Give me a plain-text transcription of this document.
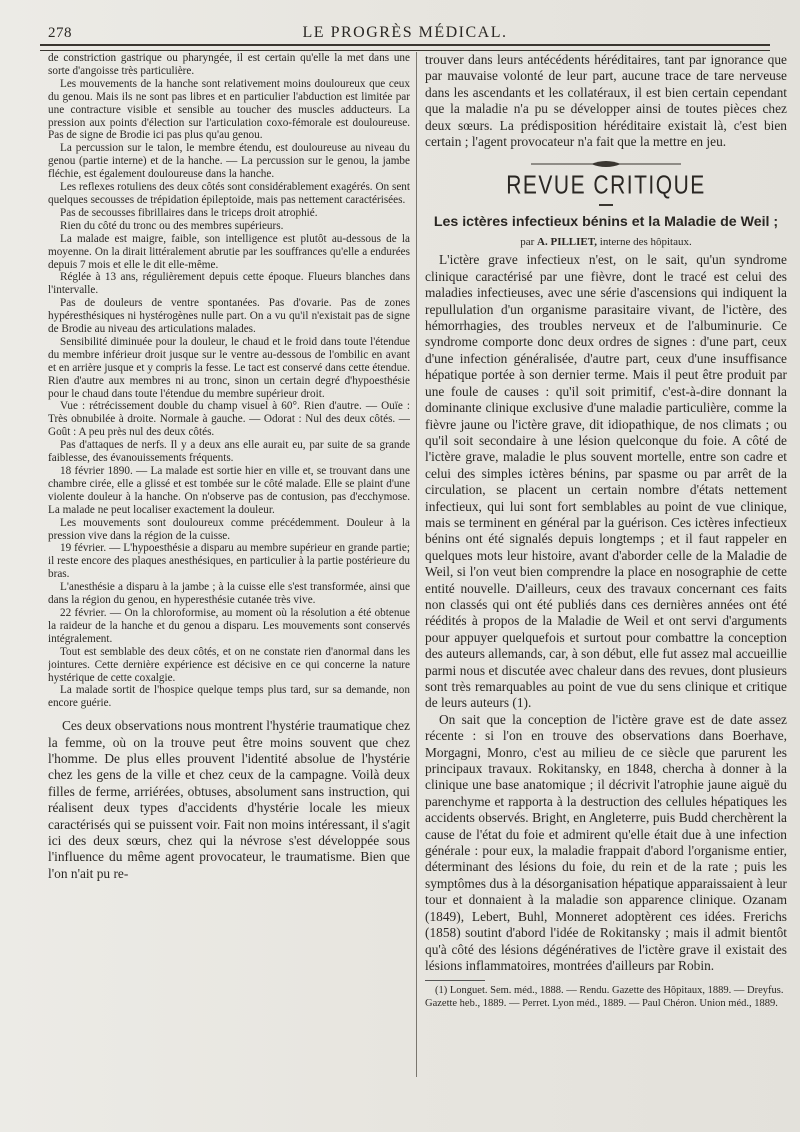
278	LE PROGRÈS MÉDICAL.

de constriction gastrique ou pharyngée, il est certain qu'elle la met dans une sorte d'angoisse très particulière.

Les mouvements de la hanche sont relativement moins douloureux que ceux du genou. Mais ils ne sont pas libres et en particulier l'abduction est limitée par une contracture visible et sensible au toucher des muscles adducteurs. La pression aux points d'élection sur l'articulation coxo-fémorale est douloureuse. Pas de signe de Brodie ici pas plus qu'au genou.

La percussion sur le talon, le membre étendu, est douloureuse au niveau du genou (partie interne) et de la hanche. — La percussion sur le genou, la jambe fléchie, est également douloureuse dans la hanche.

Les reflexes rotuliens des deux côtés sont considérablement exagérés. On sent quelques secousses de trépidation épileptoide, mais pas nettement caractérisées.

Pas de secousses fibrillaires dans le triceps droit atrophié.

Rien du côté du tronc ou des membres supérieurs.

La malade est maigre, faible, son intelligence est plutôt au-dessous de la moyenne. On la dirait littéralement abrutie par les souffrances qu'elle a endurées depuis 7 mois et elle le dit elle-même.

Réglée à 13 ans, régulièrement depuis cette époque. Flueurs blanches dans l'intervalle.

Pas de douleurs de ventre spontanées. Pas d'ovarie. Pas de zones hypéresthésiques ni hystérogènes nulle part. On a vu qu'il n'existait pas de signe de Brodie au niveau des articulations malades.

Sensibilité diminuée pour la douleur, le chaud et le froid dans toute l'étendue du membre inférieur droit jusque sur le ventre au-dessous de l'ombilic en avant et en arrière jusque et y compris la fesse. Le tact est conservé dans cette étendue. Rien d'autre aux membres ni au tronc, sinon un certain degré d'hypoesthésie pour le chaud dans toute l'étendue du membre supérieur droit.

Vue : rétrécissement double du champ visuel à 60°. Rien d'autre. — Ouïe : Très obnubilée à droite. Normale à gauche. — Odorat : Nul des deux côtés. — Goût : A peu près nul des deux côtés.

Pas d'attaques de nerfs. Il y a deux ans elle aurait eu, par suite de sa grande faiblesse, des évanouissements fréquents.

18 février 1890. — La malade est sortie hier en ville et, se trouvant dans une chambre cirée, elle a glissé et est tombée sur le côté malade. Elle se plaint d'une violente douleur à la hanche. On n'observe pas de contusion, pas d'ecchymose. La malade ne peut localiser exactement la douleur.

Les mouvements sont douloureux comme précédemment. Douleur à la pression vive dans la région de la cuisse.

19 février. — L'hypoesthésie a disparu au membre supérieur en grande partie; il reste encore des plaques anesthésiques, en particulier à la partie postérieure du bras.

L'anesthésie a disparu à la jambe ; à la cuisse elle s'est transformée, ainsi que dans la région du genou, en hyperesthésie cutanée très vive.

22 février. — On la chloroformise, au moment où la résolution a été obtenue la raideur de la hanche et du genou a disparu. Les mouvements sont conservés intégralement.

Tout est semblable des deux côtés, et on ne constate rien d'anormal dans les jointures. Cette dernière expérience est décisive en ce qui concerne la nature hystérique de cette coxalgie.

La malade sortit de l'hospice quelque temps plus tard, sur sa demande, non encore guérie.

Ces deux observations nous montrent l'hystérie traumatique chez la femme, où on la trouve peut être moins souvent que chez l'homme. De plus elles prouvent l'identité absolue de l'hystérie chez les gens de la ville et chez ceux de la campagne. Voilà deux filles de ferme, arriérées, obtuses, absolument sans instruction, qui réalisent deux types d'accidents d'hystérie locale les mieux caractérisés qui se puissent voir. Fait non moins intéressant, il s'agit ici des deux sœurs, chez qui la névrose s'est développée sous l'influence du même agent provocateur, le traumatisme. Bien que l'on n'ait pu re-

trouver dans leurs antécédents héréditaires, tant par ignorance que par mauvaise volonté de leur part, aucune trace de tare nerveuse dans les ascendants et les collatéraux, il est bien certain cependant que la maladie n'a pu se développer ainsi de toutes pièces chez deux sœurs. La prédisposition héréditaire existait là, c'est bien certain ; l'agent provocateur n'a fait que la mettre en jeu.

REVUE CRITIQUE
Les ictères infectieux bénins et la Maladie de Weil ;
par A. PILLIET, interne des hôpitaux.

L'ictère grave infectieux n'est, on le sait, qu'un syndrome clinique caractérisé par une fièvre, dont le tracé est celui des maladies infectieuses, avec une série d'ascensions qui indiquent la repullulation d'un organisme parasitaire vivant, de l'ictère, des hémorrhagies, des troubles nerveux et de l'albuminurie. Ce syndrome comporte donc deux ordres de signes : d'une part, ceux d'une infection généralisée, d'autre part, ceux d'une insuffisance hépatique portée à son dernier terme. Mais il peut être produit par une foule de causes : qu'il soit primitif, c'est-à-dire donnant la dominante clinique exclusive d'une maladie particulière, comme la fièvre jaune ou l'ictère grave, dit idiopathique, de nos climats ; ou qu'il soit secondaire à une lésion quelconque du foie. A côté de l'ictère grave, maladie le plus souvent mortelle, entre son cadre et celui des simples ictères bénins, par spasme ou par arrêt de la circulation, se placent un certain nombre d'états nettement infectieux, qui lui sont fort semblables au point de vue clinique, mais se terminent en général par la guérison. Ces ictères infectieux bénins ont été signalés depuis longtemps ; et il faut rappeler en quelques mots leur histoire, avant d'aborder celle de la Maladie de Weil, si l'on veut bien comprendre la place en nosographie de cette entité nouvelle. D'ailleurs, ceux des travaux concernant ces faits non classés qui ont été publiés dans ces dernières années ont été réédités à propos de la Maladie de Weil et ont servi d'arguments pour appuyer quelquefois et surtout pour combattre la conception des auteurs allemands, car, à son début, elle fut assez mal accueillie parmi nous et discutée avec chaleur dans des revues, dont plusieurs sont très remarquables au point de vue du sens clinique et critique de leurs auteurs (1).

On sait que la conception de l'ictère grave est de date assez récente : si l'on en trouve des observations dans Boerhave, Morgagni, Monro, c'est au milieu de ce siècle que parurent les principaux travaux. Rokitansky, en 1848, chercha à donner à la clinique une base anatomique ; il décrivit l'atrophie jaune aiguë du parenchyme et rapporta à la destruction des cellules hépatiques les accidents observés. Bright, en Angleterre, puis Budd cherchèrent la cause de l'état du foie et admirent qu'elle était due à une infection générale : pour eux, la maladie frappait d'abord l'organisme entier, déterminant des lésions du foie, du rein et de la rate ; puis les symptômes dus à la désorganisation hépatique apparaissaient à leur tour et donnaient à la maladie son apparence clinique. Ozanam (1849), Lebert, Buhl, Monneret adoptèrent ces idées. Frerichs (1858) soutint d'abord l'idée de Rokitansky ; mais il admit bientôt qu'à côté des lésions dégénératives de l'ictère grave il existait des lésions inflammatoires, montrées d'ailleurs par Robin.

(1) Longuet. Sem. méd., 1888. — Rendu. Gazette des Hôpitaux, 1889. — Dreyfus. Gazette heb., 1889. — Perret. Lyon méd., 1889. — Paul Chéron. Union méd., 1889.
